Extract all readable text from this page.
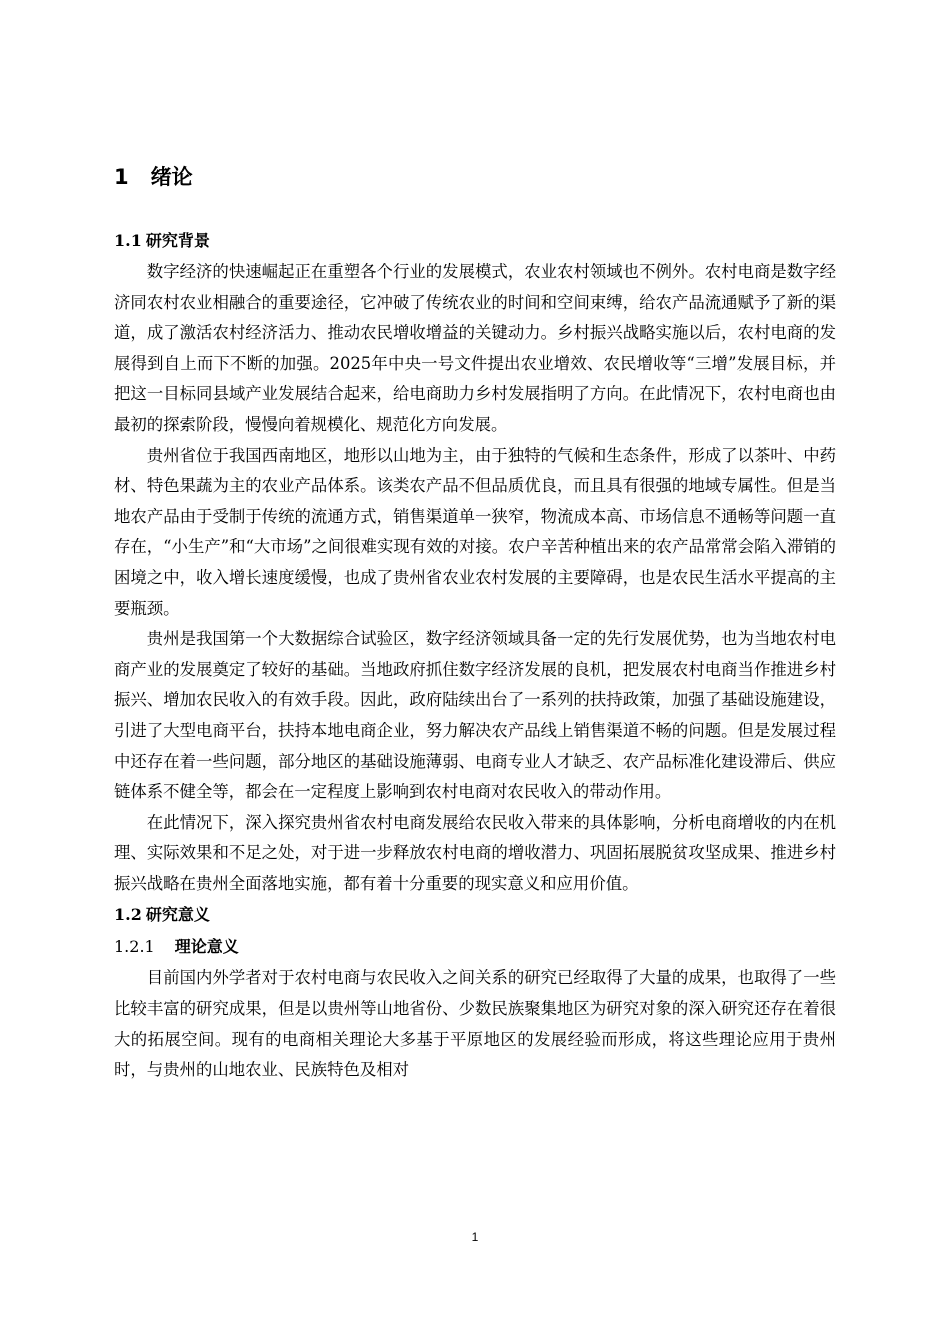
1 绪论
1.1 研究背景

数字经济的快速崛起正在重塑各个行业的发展模式，农业农村领域也不例外。农村电商是数字经济同农村农业相融合的重要途径，它冲破了传统农业的时间和空间束缚，给农产品流通赋予了新的渠道，成了激活农村经济活力、推动农民增收增益的关键动力。乡村振兴战略实施以后，农村电商的发展得到自上而下不断的加强。2025年中央一号文件提出农业增效、农民增收等“三增”发展目标，并把这一目标同县域产业发展结合起来，给电商助力乡村发展指明了方向。在此情况下，农村电商也由最初的探索阶段，慢慢向着规模化、规范化方向发展。

贵州省位于我国西南地区，地形以山地为主，由于独特的气候和生态条件，形成了以茶叶、中药材、特色果蔬为主的农业产品体系。该类农产品不但品质优良，而且具有很强的地域专属性。但是当地农产品由于受制于传统的流通方式，销售渠道单一狭窄，物流成本高、市场信息不通畅等问题一直存在，“小生产”和“大市场”之间很难实现有效的对接。农户辛苦种植出来的农产品常常会陷入滞销的困境之中，收入增长速度缓慢，也成了贵州省农业农村发展的主要障碍，也是农民生活水平提高的主要瓶颈。

贵州是我国第一个大数据综合试验区，数字经济领域具备一定的先行发展优势，也为当地农村电商产业的发展奠定了较好的基础。当地政府抓住数字经济发展的良机，把发展农村电商当作推进乡村振兴、增加农民收入的有效手段。因此，政府陆续出台了一系列的扶持政策，加强了基础设施建设，引进了大型电商平台，扶持本地电商企业，努力解决农产品线上销售渠道不畅的问题。但是发展过程中还存在着一些问题，部分地区的基础设施薄弱、电商专业人才缺乏、农产品标准化建设滞后、供应链体系不健全等，都会在一定程度上影响到农村电商对农民收入的带动作用。

在此情况下，深入探究贵州省农村电商发展给农民收入带来的具体影响，分析电商增收的内在机理、实际效果和不足之处，对于进一步释放农村电商的增收潜力、巩固拓展脱贫攻坚成果、推进乡村振兴战略在贵州全面落地实施，都有着十分重要的现实意义和应用价值。

1.2 研究意义
1.2.1 理论意义

目前国内外学者对于农村电商与农民收入之间关系的研究已经取得了大量的成果，也取得了一些比较丰富的研究成果，但是以贵州等山地省份、少数民族聚集地区为研究对象的深入研究还存在着很大的拓展空间。现有的电商相关理论大多基于平原地区的发展经验而形成，将这些理论应用于贵州时，与贵州的山地农业、民族特色及相对

1
